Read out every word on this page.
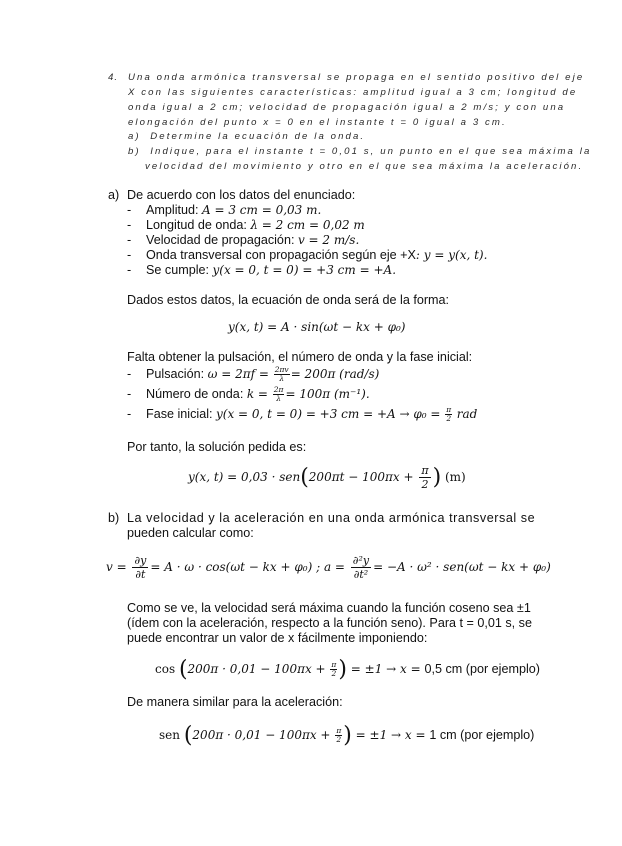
4. Una onda armónica transversal se propaga en el sentido positivo del eje
X con las siguientes características: amplitud igual a 3 cm; longitud de
onda igual a 2 cm; velocidad de propagación igual a 2 m/s; y con una
elongación del punto x = 0 en el instante t = 0 igual a 3 cm.
a) Determine la ecuación de la onda.
b) Indique, para el instante t = 0,01 s, un punto en el que sea máxima la
velocidad del movimiento y otro en el que sea máxima la aceleración.
a) De acuerdo con los datos del enunciado:
- Amplitud: A = 3 cm = 0,03 m.
- Longitud de onda: λ = 2 cm = 0,02 m
- Velocidad de propagación: v = 2 m/s.
- Onda transversal con propagación según eje +X: y = y(x, t).
- Se cumple: y(x = 0, t = 0) = +3 cm = +A.
Dados estos datos, la ecuación de onda será de la forma:
y(x, t) = A · sin(ωt − kx + φ₀)
Falta obtener la pulsación, el número de onda y la fase inicial:
- Pulsación: $\omega = 2\pi f = \frac{2\pi v}{\lambda} = 200\pi$ (rad/s)
- Número de onda: $k = \frac{2\pi}{\lambda} = 100\pi$ (m⁻¹).
- Fase inicial: y(x = 0, t = 0) = +3 cm = $+A \to \varphi_0 = \frac{\pi}{2}$ rad
Por tanto, la solución pedida es:
y(x, $t) = 0,03 \cdot sen(200\pi t - 100\pi x + \frac{\pi}{2}$ ) (m)
b) La velocidad y la aceleración en una onda armónica transversal se
pueden calcular como:
$v = \frac{\partial y}{\partial t} = A \cdot \omega \cdot \cos(\omega t$ − kx + φ₀) ; $a = \frac{\text{∂²y}}{\text{∂t²}} = -A \cdot \omega^2 \cdot sen(\omega t$ − kx + φ₀)
Como se ve, la velocidad será máxima cuando la función coseno sea ±1
(ídem con la aceleración, respecto a la función seno). Para t = 0,01 s, se
puede encontrar un valor de x fácilmente imponiendo:
$\cos (200\pi \cdot 0,01 - 100\pi x + \frac{\pi}{2}$ ) = ±1 → x = 0,5 cm (por ejemplo)
De manera similar para la aceleración:
sen ($200\pi \cdot 0,01 - 100\pi x + \frac{\pi}{2}$ ) = ±1 → x = 1 cm (por ejemplo)
